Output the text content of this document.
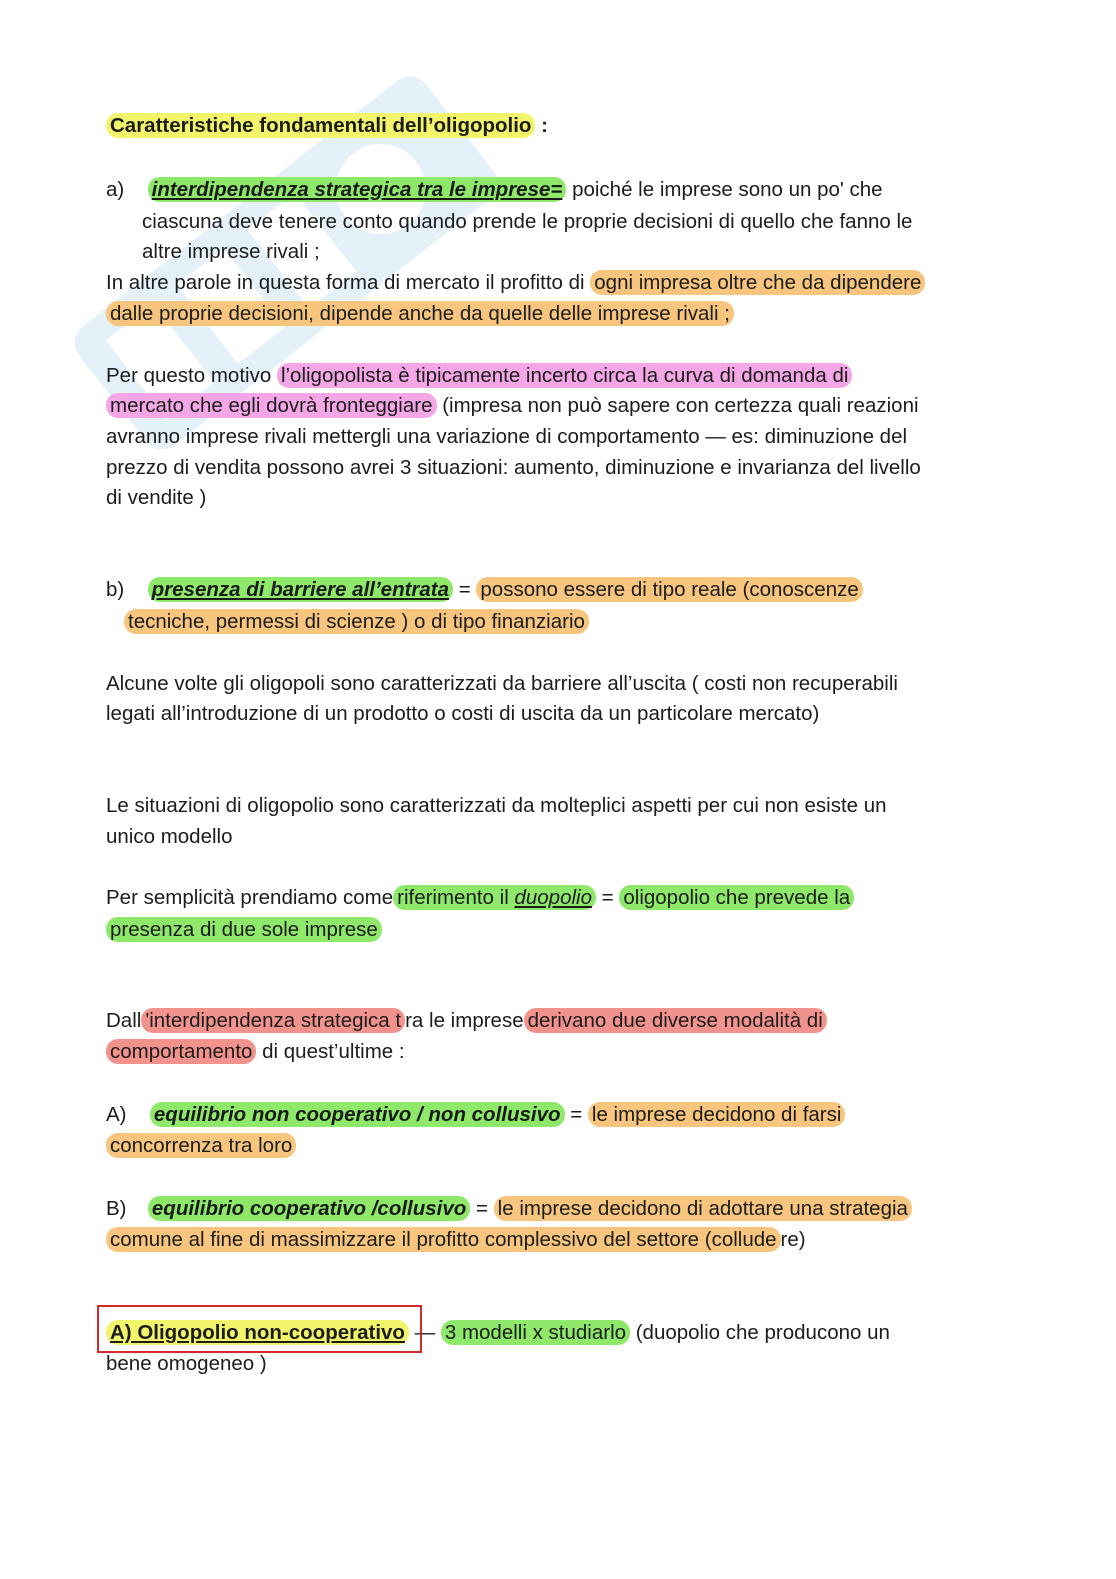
Caratteristiche fondamentali dell’oligopolio :
a) interdipendenza strategica tra le imprese= poiché le imprese sono un po' che
ciascuna deve tenere conto quando prende le proprie decisioni di quello che fanno le
altre imprese rivali ;
In altre parole in questa forma di mercato il profitto di ogni impresa oltre che da dipendere
dalle proprie decisioni, dipende anche da quelle delle imprese rivali ;
Per questo motivo l’oligopolista è tipicamente incerto circa la curva di domanda di
mercato che egli dovrà fronteggiare (impresa non può sapere con certezza quali reazioni
avranno imprese rivali mettergli una variazione di comportamento — es: diminuzione del
prezzo di vendita possono avrei 3 situazioni: aumento, diminuzione e invarianza del livello
di vendite )
b) presenza di barriere all’entrata = possono essere di tipo reale (conoscenze
tecniche, permessi di scienze ) o di tipo finanziario
Alcune volte gli oligopoli sono caratterizzati da barriere all’uscita ( costi non recuperabili
legati all’introduzione di un prodotto o costi di uscita da un particolare mercato)
Le situazioni di oligopolio sono caratterizzati da molteplici aspetti per cui non esiste un
unico modello
Per semplicità prendiamo come riferimento il duopolio = oligopolio che prevede la
presenza di due sole imprese
Dall 'interdipendenza strategica t ra le imprese derivano due diverse modalità di
comportamento di quest’ultime :
A) equilibrio non cooperativo / non collusivo = le imprese decidono di farsi
concorrenza tra loro
B) equilibrio cooperativo /collusivo = le imprese decidono di adottare una strategia
comune al fine di massimizzare il profitto complessivo del settore (collude re)
A) Oligopolio non-cooperativo — 3 modelli x studiarlo (duopolio che producono un
bene omogeneo )
